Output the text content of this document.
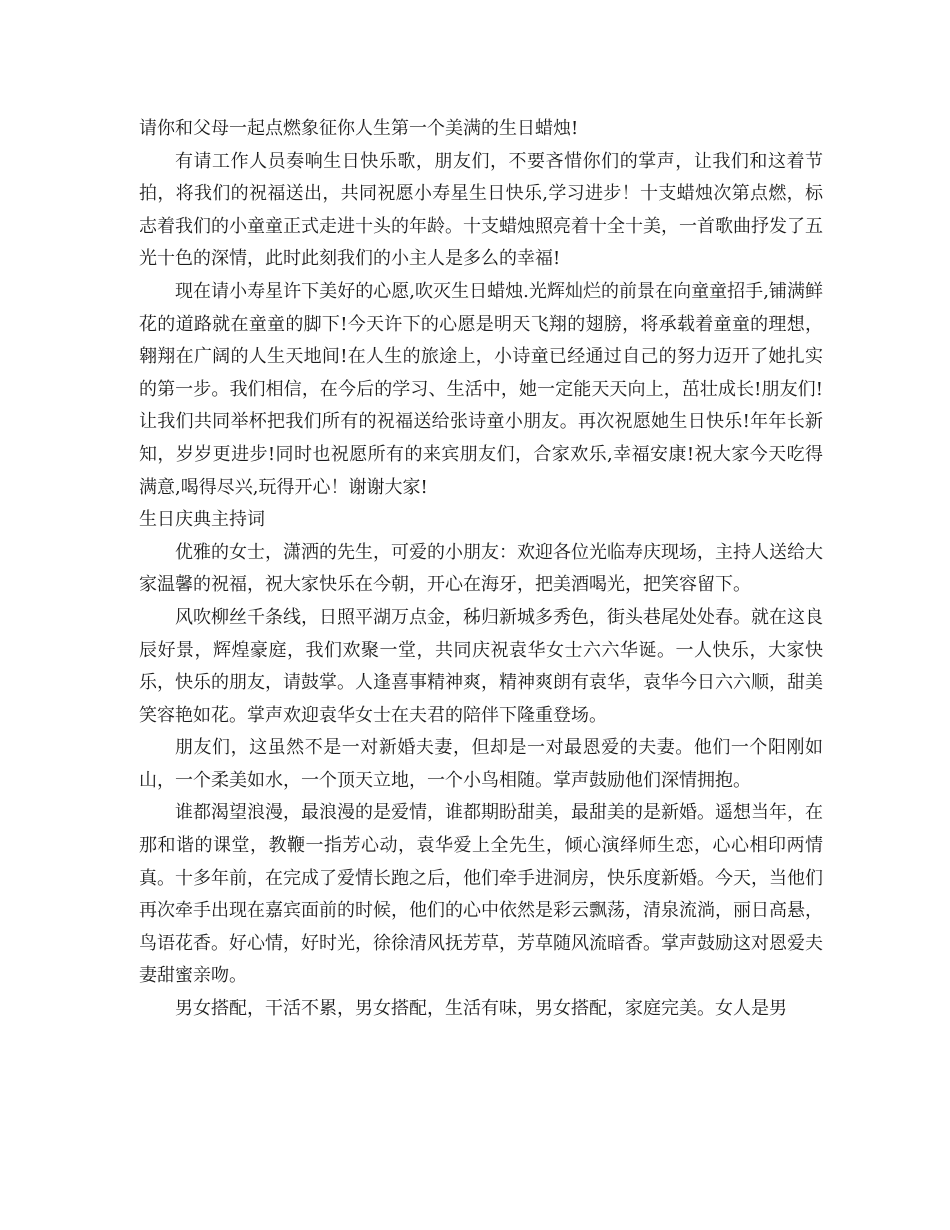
请你和父母一起点燃象征你人生第一个美满的生日蜡烛!

有请工作人员奏响生日快乐歌，朋友们，不要吝惜你们的掌声，让我们和这着节拍，将我们的祝福送出，共同祝愿小寿星生日快乐,学习进步！十支蜡烛次第点燃，标志着我们的小童童正式走进十头的年龄。十支蜡烛照亮着十全十美，一首歌曲抒发了五光十色的深情，此时此刻我们的小主人是多么的幸福!

现在请小寿星许下美好的心愿,吹灭生日蜡烛.光辉灿烂的前景在向童童招手,铺满鲜花的道路就在童童的脚下!今天许下的心愿是明天飞翔的翅膀，将承载着童童的理想，翱翔在广阔的人生天地间!在人生的旅途上，小诗童已经通过自己的努力迈开了她扎实的第一步。我们相信，在今后的学习、生活中，她一定能天天向上，茁壮成长!朋友们!让我们共同举杯把我们所有的祝福送给张诗童小朋友。再次祝愿她生日快乐!年年长新知，岁岁更进步!同时也祝愿所有的来宾朋友们，合家欢乐,幸福安康!祝大家今天吃得满意,喝得尽兴,玩得开心！谢谢大家!

生日庆典主持词

优雅的女士，潇洒的先生，可爱的小朋友：欢迎各位光临寿庆现场，主持人送给大家温馨的祝福，祝大家快乐在今朝，开心在海牙，把美酒喝光，把笑容留下。

风吹柳丝千条线，日照平湖万点金，秭归新城多秀色，街头巷尾处处春。就在这良辰好景，辉煌豪庭，我们欢聚一堂，共同庆祝袁华女士六六华诞。一人快乐，大家快乐，快乐的朋友，请鼓掌。人逢喜事精神爽，精神爽朗有袁华，袁华今日六六顺，甜美笑容艳如花。掌声欢迎袁华女士在夫君的陪伴下隆重登场。

朋友们，这虽然不是一对新婚夫妻，但却是一对最恩爱的夫妻。他们一个阳刚如山，一个柔美如水，一个顶天立地，一个小鸟相随。掌声鼓励他们深情拥抱。

谁都渴望浪漫，最浪漫的是爱情，谁都期盼甜美，最甜美的是新婚。遥想当年，在那和谐的课堂，教鞭一指芳心动，袁华爱上全先生，倾心演绎师生恋，心心相印两情真。十多年前，在完成了爱情长跑之后，他们牵手进洞房，快乐度新婚。今天，当他们再次牵手出现在嘉宾面前的时候，他们的心中依然是彩云飘荡，清泉流淌，丽日高悬，鸟语花香。好心情，好时光，徐徐清风抚芳草，芳草随风流暗香。掌声鼓励这对恩爱夫妻甜蜜亲吻。

男女搭配，干活不累，男女搭配，生活有味，男女搭配，家庭完美。女人是男
